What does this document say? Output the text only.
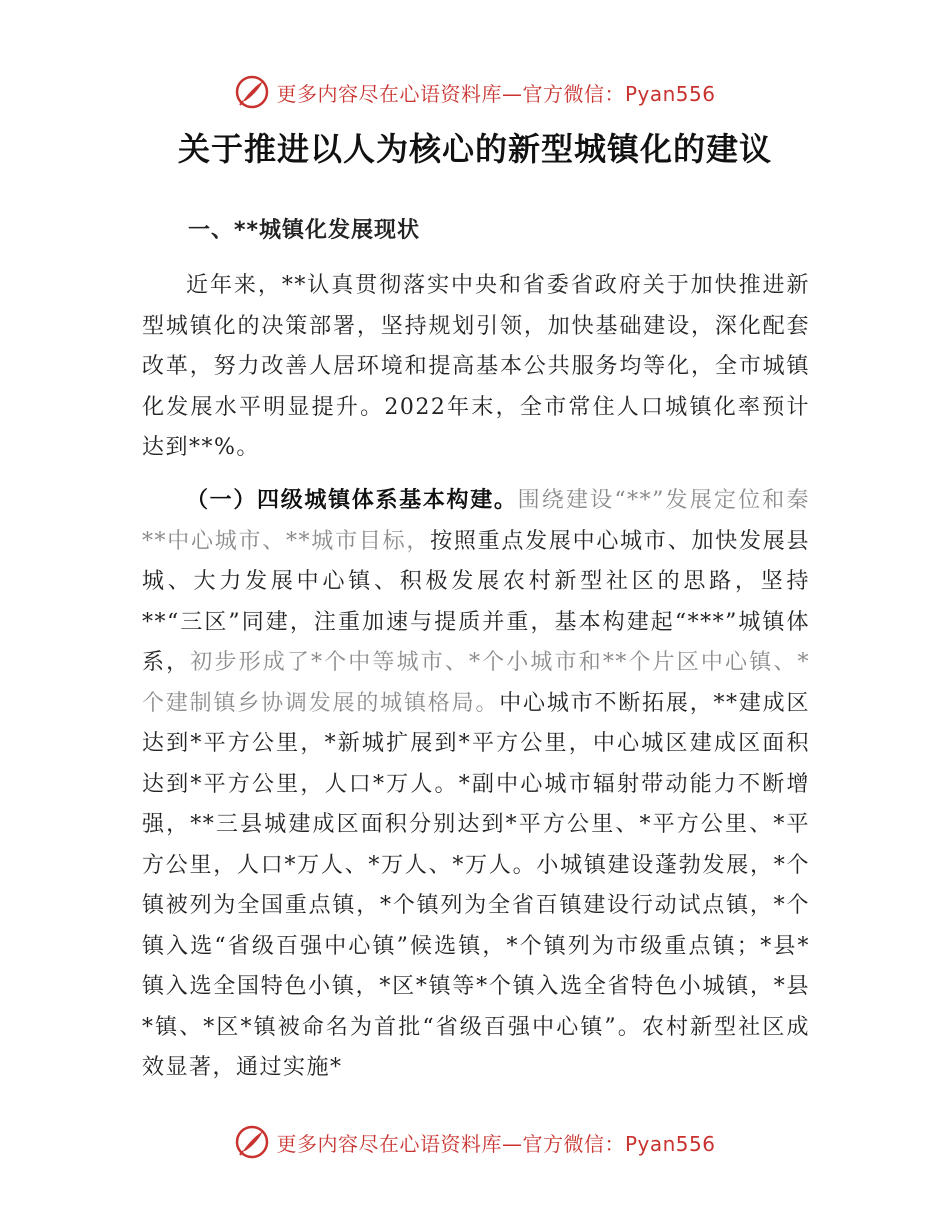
更多内容尽在心语资料库—官方微信：Pyan556
关于推进以人为核心的新型城镇化的建议
一、**城镇化发展现状

近年来，**认真贯彻落实中央和省委省政府关于加快推进新型城镇化的决策部署，坚持规划引领，加快基础建设，深化配套改革，努力改善人居环境和提高基本公共服务均等化，全市城镇化发展水平明显提升。2022年末，全市常住人口城镇化率预计达到**%。

（一）四级城镇体系基本构建。围绕建设“**”发展定位和秦**中心城市、**城市目标，按照重点发展中心城市、加快发展县城、大力发展中心镇、积极发展农村新型社区的思路，坚持**“三区”同建，注重加速与提质并重，基本构建起“***”城镇体系，初步形成了*个中等城市、*个小城市和**个片区中心镇、*个建制镇乡协调发展的城镇格局。中心城市不断拓展，**建成区达到*平方公里，*新城扩展到*平方公里，中心城区建成区面积达到*平方公里，人口*万人。*副中心城市辐射带动能力不断增强，**三县城建成区面积分别达到*平方公里、*平方公里、*平方公里，人口*万人、*万人、*万人。小城镇建设蓬勃发展，*个镇被列为全国重点镇，*个镇列为全省百镇建设行动试点镇，*个镇入选“省级百强中心镇”候选镇，*个镇列为市级重点镇；*县*镇入选全国特色小镇，*区*镇等*个镇入选全省特色小城镇，*县*镇、*区*镇被命名为首批“省级百强中心镇”。农村新型社区成效显著，通过实施*

更多内容尽在心语资料库—官方微信：Pyan556
